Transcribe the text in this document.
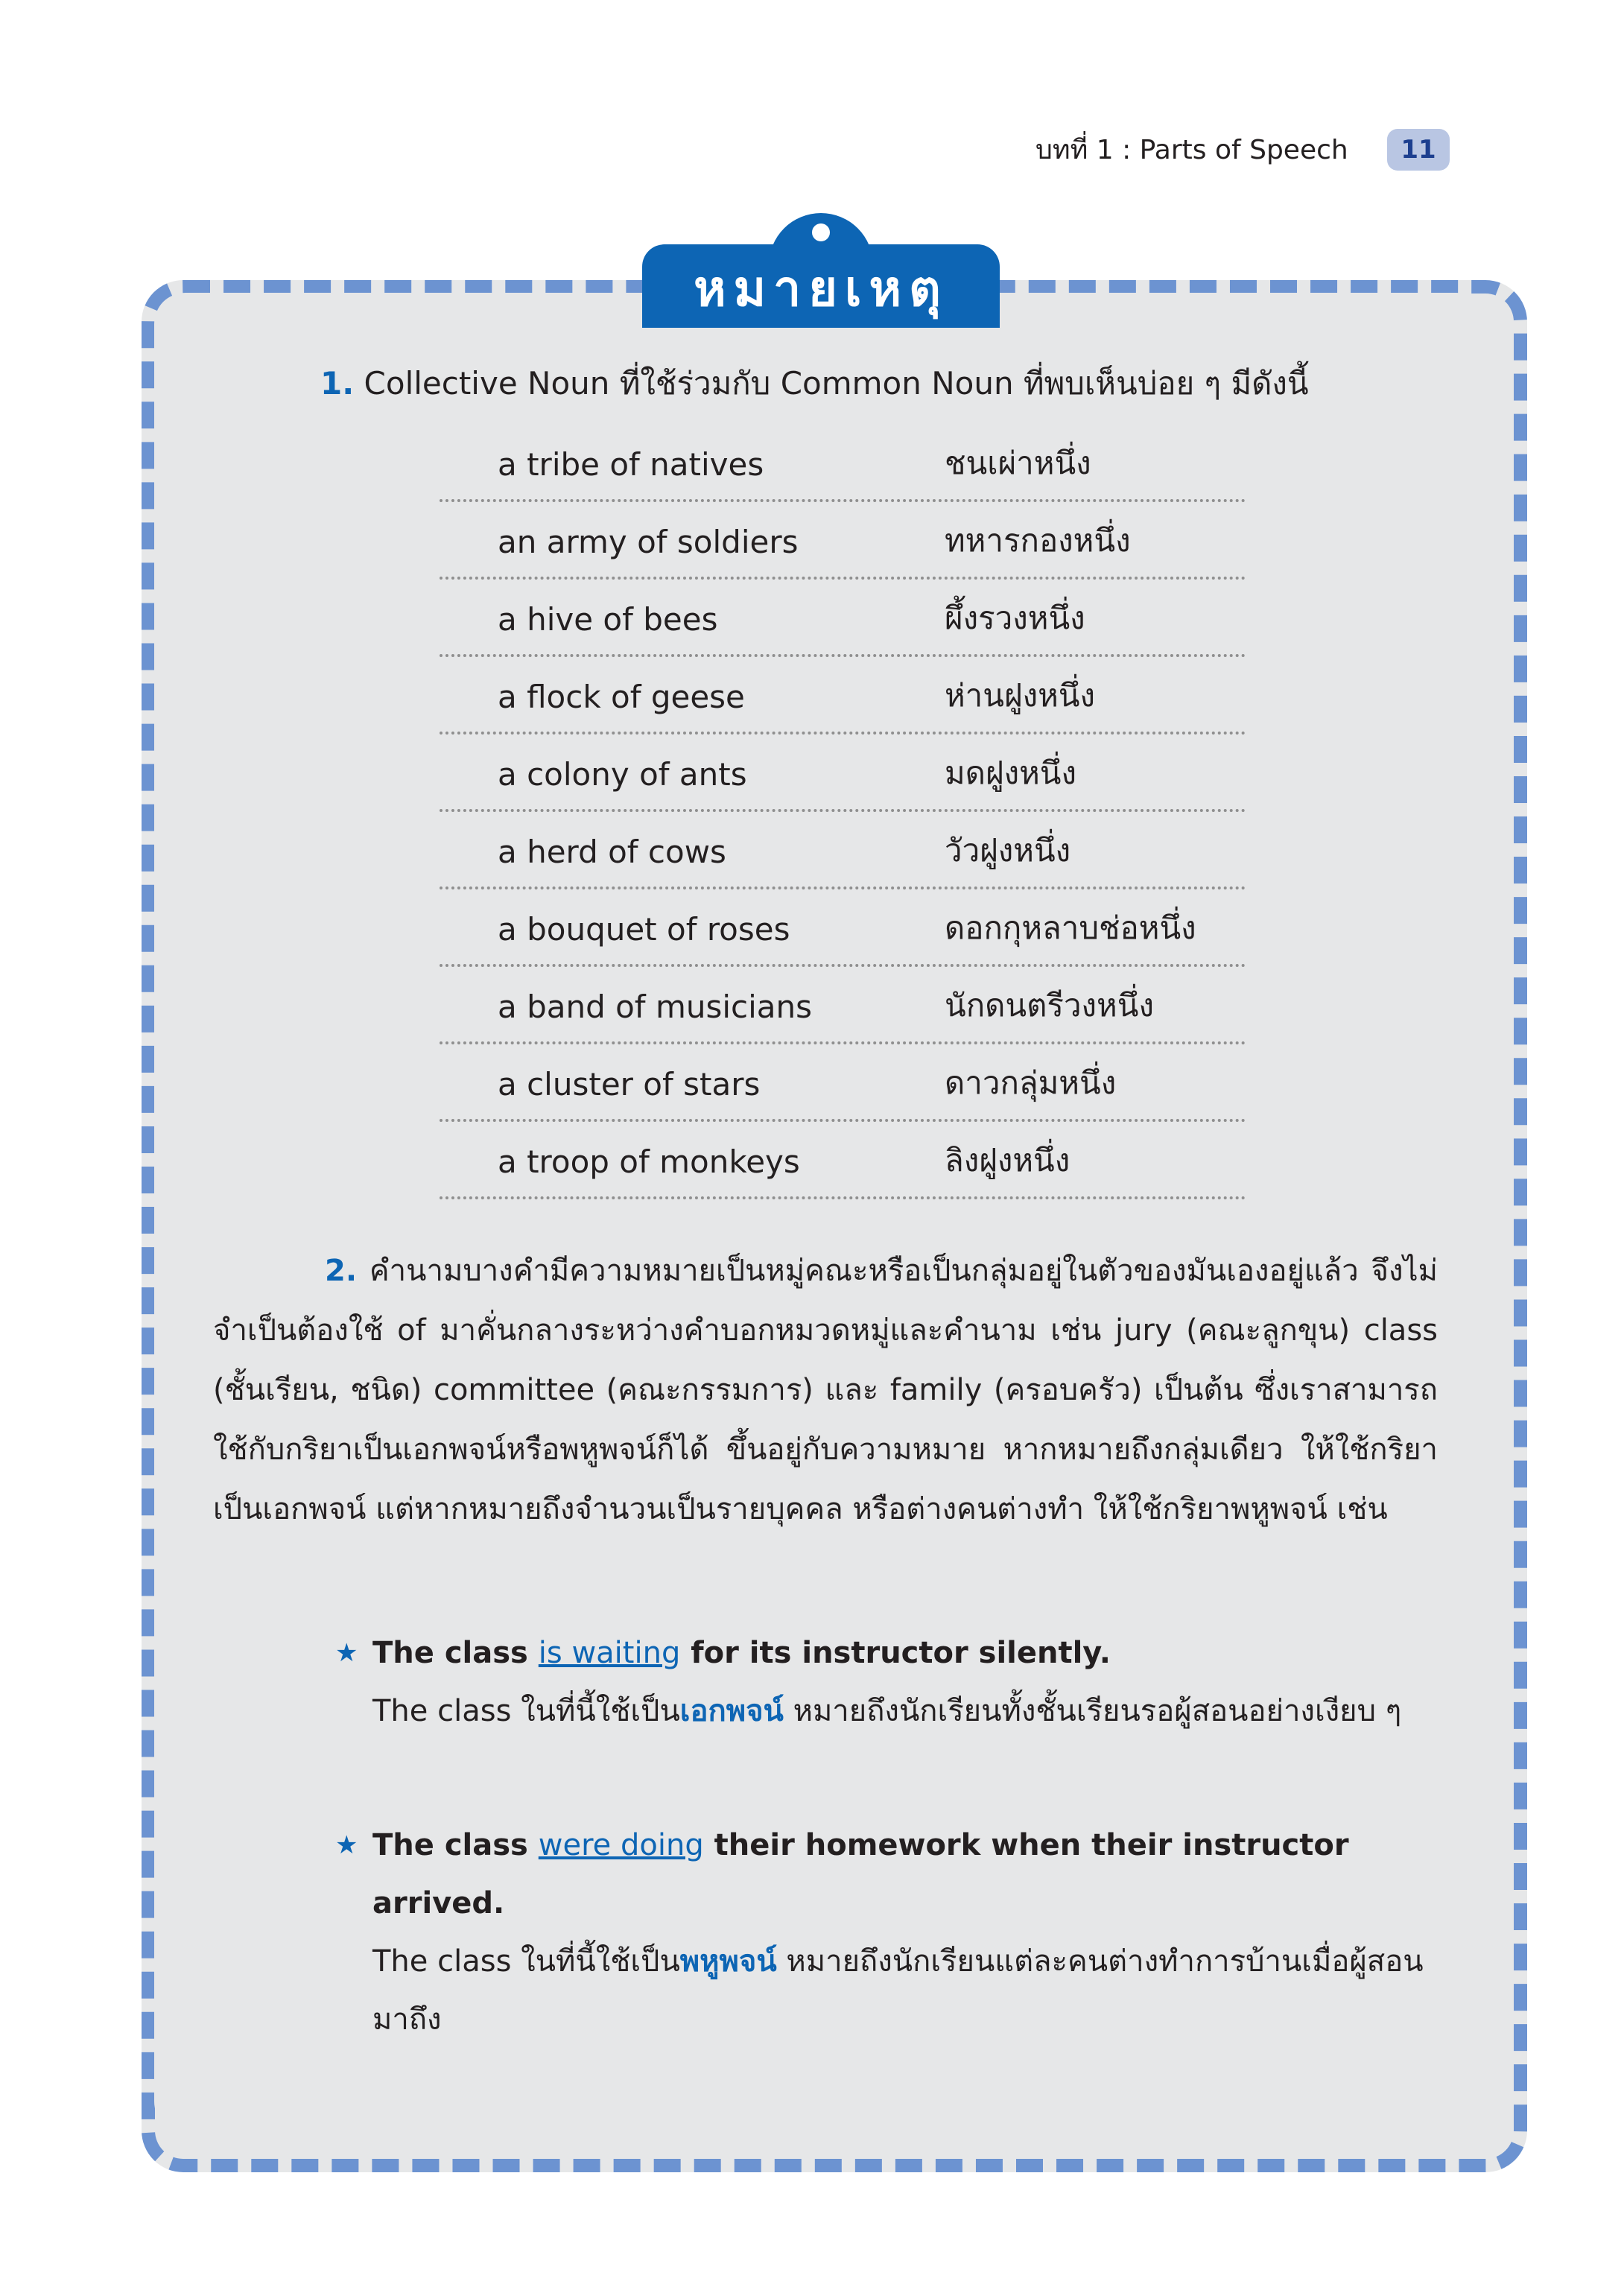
บทที่ 1 : Parts of Speech	11
หมายเหตุ
1. Collective Noun ที่ใช้ร่วมกับ Common Noun ที่พบเห็นบ่อย ๆ มีดังนี้
a tribe of natives	ชนเผ่าหนึ่ง
an army of soldiers	ทหารกองหนึ่ง
a hive of bees	ผึ้งรวงหนึ่ง
a flock of geese	ห่านฝูงหนึ่ง
a colony of ants	มดฝูงหนึ่ง
a herd of cows	วัวฝูงหนึ่ง
a bouquet of roses	ดอกกุหลาบช่อหนึ่ง
a band of musicians	นักดนตรีวงหนึ่ง
a cluster of stars	ดาวกลุ่มหนึ่ง
a troop of monkeys	ลิงฝูงหนึ่ง
2. คำนามบางคำมีความหมายเป็นหมู่คณะหรือเป็นกลุ่มอยู่ในตัวของมันเองอยู่แล้ว จึงไม่จำเป็นต้องใช้ of มาคั่นกลางระหว่างคำบอกหมวดหมู่และคำนาม เช่น jury (คณะลูกขุน) class (ชั้นเรียน, ชนิด) committee (คณะกรรมการ) และ family (ครอบครัว) เป็นต้น ซึ่งเราสามารถใช้กับกริยาเป็นเอกพจน์หรือพหูพจน์ก็ได้ ขึ้นอยู่กับความหมาย หากหมายถึงกลุ่มเดียว ให้ใช้กริยาเป็นเอกพจน์ แต่หากหมายถึงจำนวนเป็นรายบุคคล หรือต่างคนต่างทำ ให้ใช้กริยาพหูพจน์ เช่น
★ The class is waiting for its instructor silently.
The class ในที่นี้ใช้เป็นเอกพจน์ หมายถึงนักเรียนทั้งชั้นเรียนรอผู้สอนอย่างเงียบ ๆ
★ The class were doing their homework when their instructor arrived.
The class ในที่นี้ใช้เป็นพหูพจน์ หมายถึงนักเรียนแต่ละคนต่างทำการบ้านเมื่อผู้สอนมาถึง
